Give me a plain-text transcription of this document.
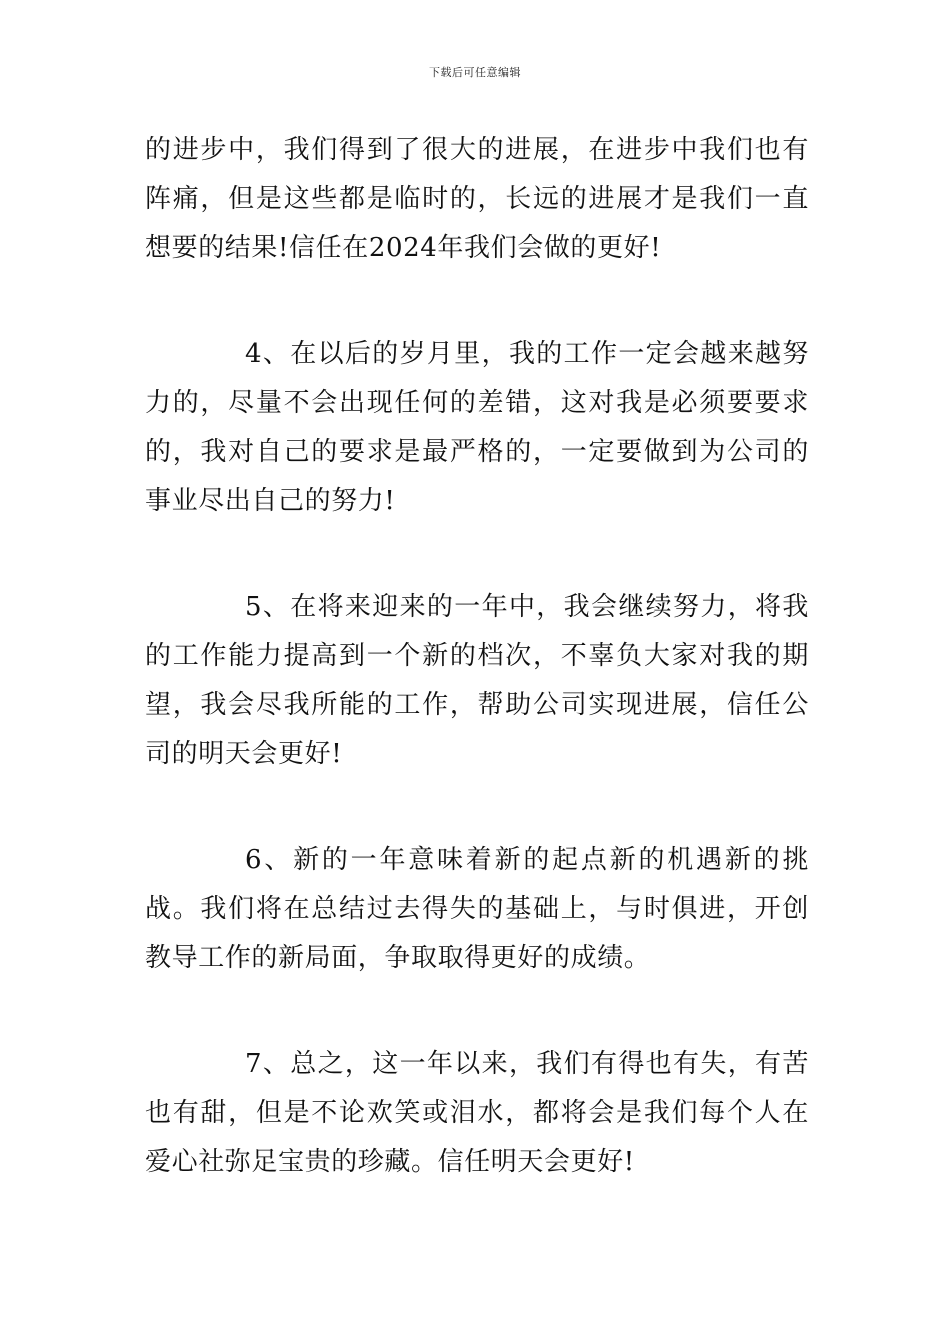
下载后可任意编辑

的进步中，我们得到了很大的进展，在进步中我们也有阵痛，但是这些都是临时的，长远的进展才是我们一直想要的结果!信任在2024年我们会做的更好!

4、在以后的岁月里，我的工作一定会越来越努力的，尽量不会出现任何的差错，这对我是必须要要求的，我对自己的要求是最严格的，一定要做到为公司的事业尽出自己的努力!

5、在将来迎来的一年中，我会继续努力，将我的工作能力提高到一个新的档次，不辜负大家对我的期望，我会尽我所能的工作，帮助公司实现进展，信任公司的明天会更好!

6、新的一年意味着新的起点新的机遇新的挑战。我们将在总结过去得失的基础上，与时俱进，开创教导工作的新局面，争取取得更好的成绩。

7、总之，这一年以来，我们有得也有失，有苦也有甜，但是不论欢笑或泪水，都将会是我们每个人在爱心社弥足宝贵的珍藏。信任明天会更好!
